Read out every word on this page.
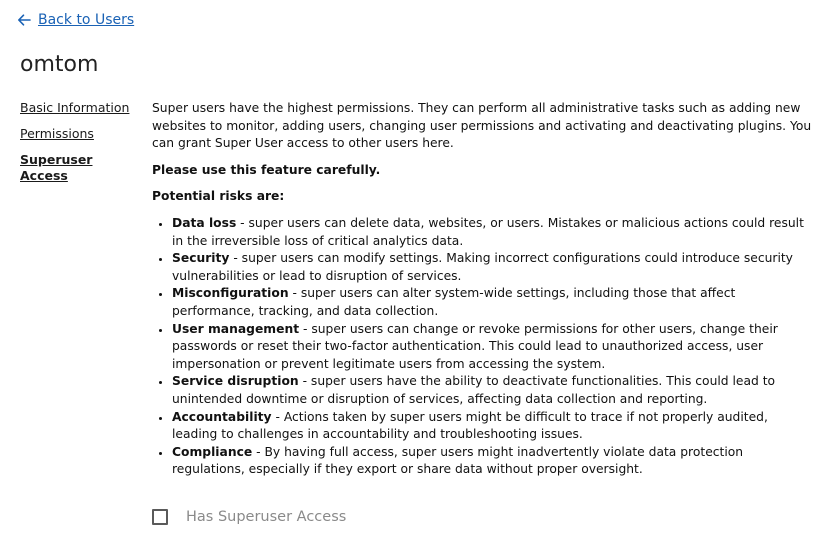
Back to Users
omtom
Basic Information
Permissions
Superuser Access

Super users have the highest permissions. They can perform all administrative tasks such as adding new websites to monitor, adding users, changing user permissions and activating and deactivating plugins. You can grant Super User access to other users here.

Please use this feature carefully.

Potential risks are:

• Data loss - super users can delete data, websites, or users. Mistakes or malicious actions could result in the irreversible loss of critical analytics data.
• Security - super users can modify settings. Making incorrect configurations could introduce security vulnerabilities or lead to disruption of services.
• Misconfiguration - super users can alter system-wide settings, including those that affect performance, tracking, and data collection.
• User management - super users can change or revoke permissions for other users, change their passwords or reset their two-factor authentication. This could lead to unauthorized access, user impersonation or prevent legitimate users from accessing the system.
• Service disruption - super users have the ability to deactivate functionalities. This could lead to unintended downtime or disruption of services, affecting data collection and reporting.
• Accountability - Actions taken by super users might be difficult to trace if not properly audited, leading to challenges in accountability and troubleshooting issues.
• Compliance - By having full access, super users might inadvertently violate data protection regulations, especially if they export or share data without proper oversight.
Has Superuser Access
